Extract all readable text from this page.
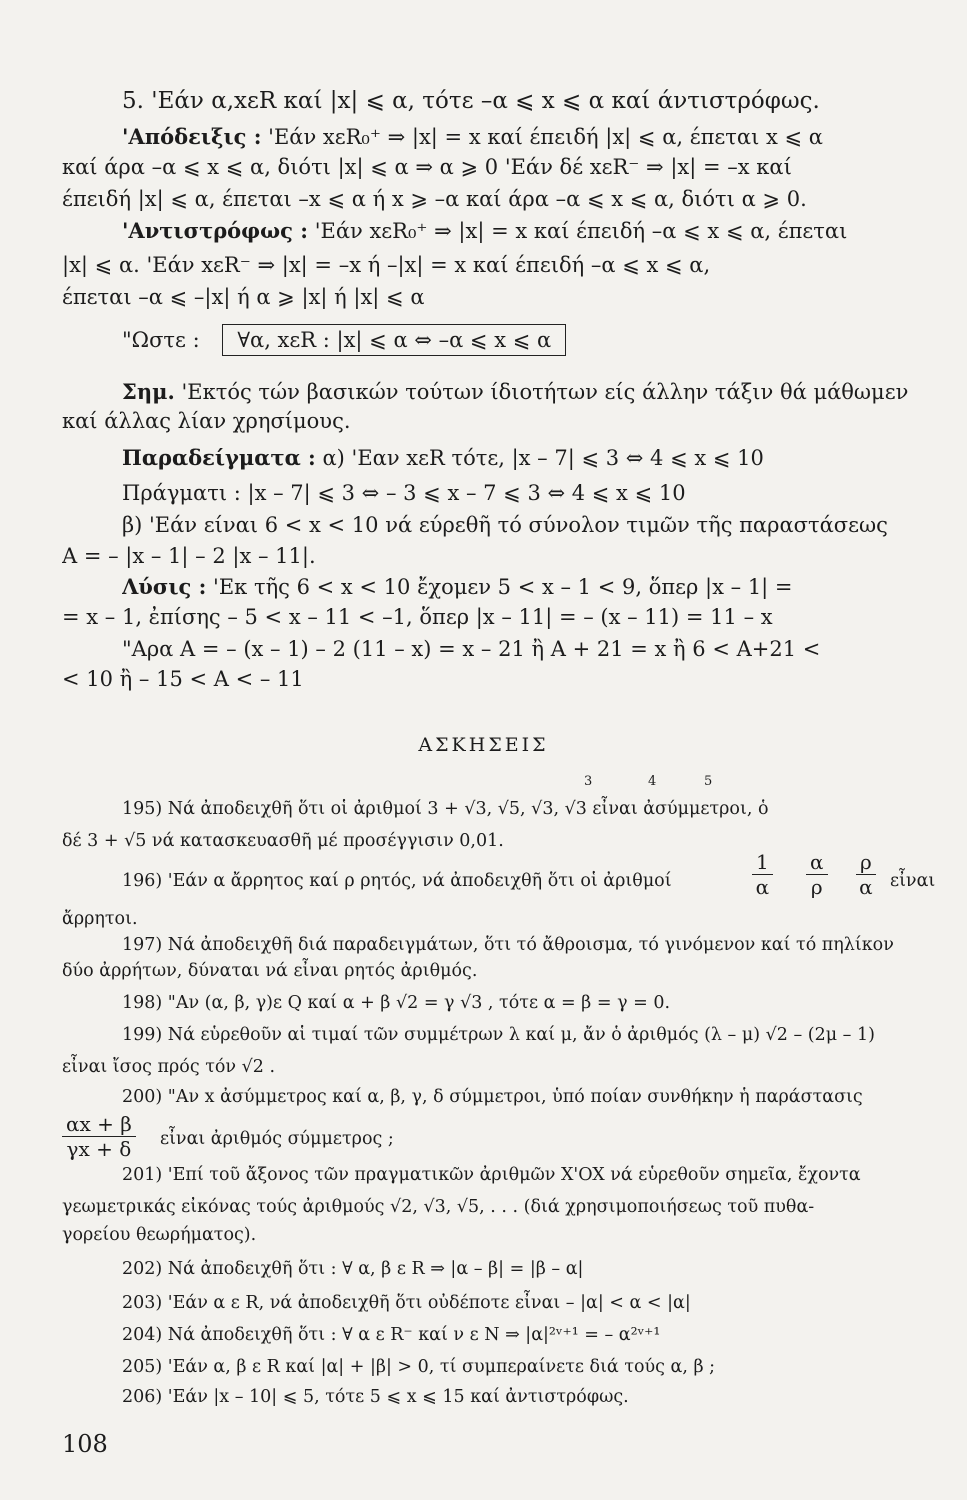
5. 'Εάν α,xεR καί |x| ⩽ α, τότε –α ⩽ x ⩽ α καί άντιστρόφως.
'Απόδειξις : 'Εάν xεR₀⁺ ⇒ |x| = x καί έπειδή |x| ⩽ α, έπεται x ⩽ α
καί άρα –α ⩽ x ⩽ α, διότι |x| ⩽ α ⇒ α ⩾ 0 'Εάν δέ xεR⁻ ⇒ |x| = –x καί
έπειδή |x| ⩽ α, έπεται –x ⩽ α ή x ⩾ –α καί άρα –α ⩽ x ⩽ α, διότι α ⩾ 0.
'Αντιστρόφως : 'Εάν xεR₀⁺ ⇒ |x| = x καί έπειδή –α ⩽ x ⩽ α, έπεται
|x| ⩽ α. 'Εάν xεR⁻ ⇒ |x| = –x ή –|x| = x καί έπειδή –α ⩽ x ⩽ α,
έπεται –α ⩽ –|x| ή α ⩾ |x| ή |x| ⩽ α
"Ωστε : ∀α, xεR : |x| ⩽ α ⇔ –α ⩽ x ⩽ α
Σημ. 'Εκτός τών βασικών τούτων ίδιοτήτων είς άλλην τάξιν θά μάθωμεν
καί άλλας λίαν χρησίμους.
Παραδείγματα : α) 'Εαν xεR τότε, |x – 7| ⩽ 3 ⇔ 4 ⩽ x ⩽ 10
Πράγματι : |x – 7| ⩽ 3 ⇔ – 3 ⩽ x – 7 ⩽ 3 ⇔ 4 ⩽ x ⩽ 10
β) 'Εάν είναι 6 < x < 10 νά εύρεθῆ τό σύνολον τιμῶν τῆς παραστάσεως
A = – |x – 1| – 2 |x – 11|.
Λύσις : 'Εκ τῆς 6 < x < 10 ἔχομεν 5 < x – 1 < 9, ὅπερ |x – 1| =
= x – 1, ἐπίσης – 5 < x – 11 < –1, ὅπερ |x – 11| = – (x – 11) = 11 – x
"Αρα A = – (x – 1) – 2 (11 – x) = x – 21 ἢ A + 21 = x ἢ 6 < A+21 <
< 10 ἢ – 15 < A < – 11
ΑΣΚΗΣΕΙΣ
3	4	5
195) Νά ἀποδειχθῆ ὅτι οἱ ἀριθμοί 3 + √3, √5, √3, √3 εἶναι ἀσύμμετροι, ὁ
δέ 3 + √5 νά κατασκευασθῆ μέ προσέγγισιν 0,01.
196) 'Εάν α ἄρρητος καί ρ ρητός, νά ἀποδειχθῆ ὅτι οἱ ἀριθμοί	$\frac{1}{\alpha} \frac{\alpha}{\rho} \frac{\rho}{\alpha}$ εἶναι
ἄρρητοι.
197) Νά ἀποδειχθῆ διά παραδειγμάτων, ὅτι τό ἄθροισμα, τό γινόμενον καί τό πηλίκον
δύο ἀρρήτων, δύναται νά εἶναι ρητός ἀριθμός.
198) "Αν (α, β, γ)ε Q καί α + β √2 = γ √3 , τότε α = β = γ = 0.
199) Νά εὑρεθοῦν αἱ τιμαί τῶν συμμέτρων λ καί μ, ἄν ὁ ἀριθμός (λ – μ) √2 – (2μ – 1)
εἶναι ἴσος πρός τόν √2 .
200) "Αν x ἀσύμμετρος καί α, β, γ, δ σύμμετροι, ὑπό ποίαν συνθήκην ἡ παράστασις
$\frac{\alpha x + \beta}{\gamma x + \delta}$ εἶναι ἀριθμός σύμμετρος ;
201) 'Επί τοῦ ἄξονος τῶν πραγματικῶν ἀριθμῶν X'OX νά εὑρεθοῦν σημεῖα, ἔχοντα
γεωμετρικάς εἰκόνας τούς ἀριθμούς √2, √3, √5, . . . (διά χρησιμοποιήσεως τοῦ πυθα-
γορείου θεωρήματος).
202) Νά ἀποδειχθῆ ὅτι : ∀ α, β ε R ⇒ |α – β| = |β – α|
203) 'Εάν α ε R, νά ἀποδειχθῆ ὅτι οὐδέποτε εἶναι – |α| < α < |α|
204) Νά ἀποδειχθῆ ὅτι : ∀ α ε R⁻ καί ν ε N ⇒ |α|²ᵛ⁺¹ = – α²ᵛ⁺¹
205) 'Εάν α, β ε R καί |α| + |β| > 0, τί συμπεραίνετε διά τούς α, β ;
206) 'Εάν |x – 10| ⩽ 5, τότε 5 ⩽ x ⩽ 15 καί ἀντιστρόφως.
108
